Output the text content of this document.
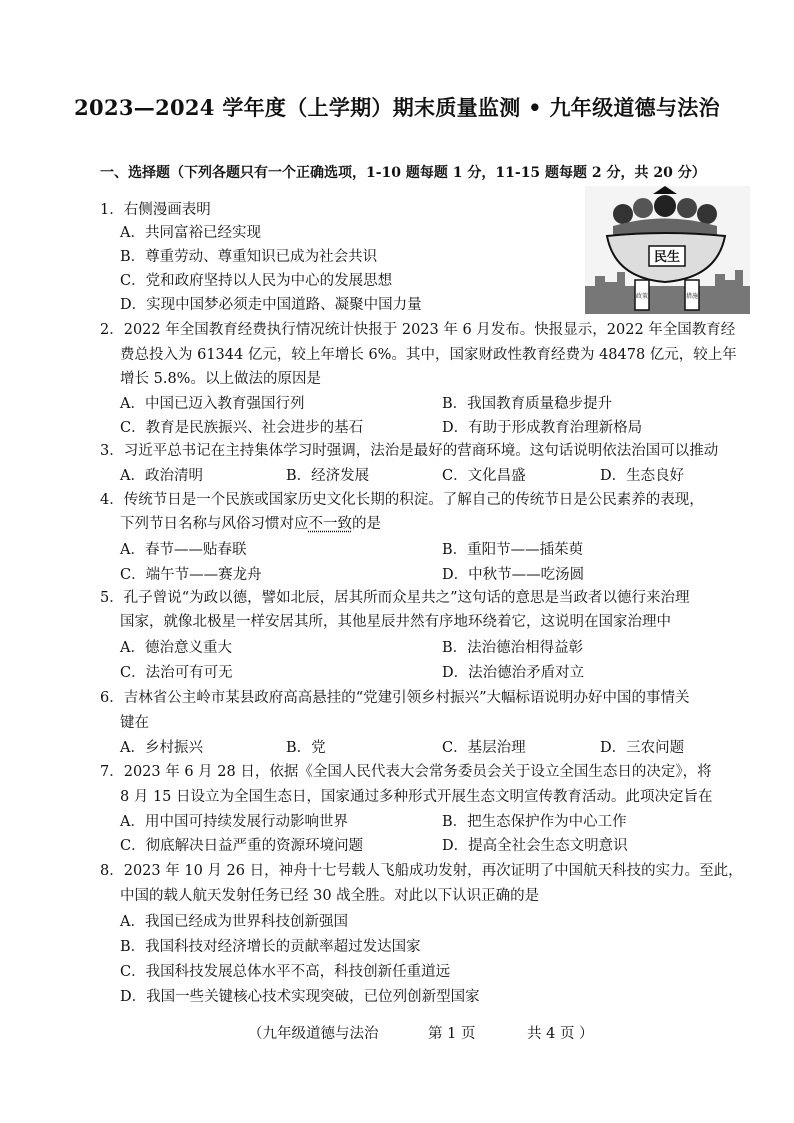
2023—2024 学年度（上学期）期末质量监测 • 九年级道德与法治
一、选择题（下列各题只有一个正确选项，1-10 题每题 1 分，11-15 题每题 2 分，共 20 分）
民生
政策	措施
1．右侧漫画表明
A．共同富裕已经实现
B．尊重劳动、尊重知识已成为社会共识
C．党和政府坚持以人民为中心的发展思想
D．实现中国梦必须走中国道路、凝聚中国力量
2．2022 年全国教育经费执行情况统计快报于 2023 年 6 月发布。快报显示，2022 年全国教育经
费总投入为 61344 亿元，较上年增长 6%。其中，国家财政性教育经费为 48478 亿元，较上年
增长 5.8%。以上做法的原因是
A．中国已迈入教育强国行列	B．我国教育质量稳步提升
C．教育是民族振兴、社会进步的基石	D．有助于形成教育治理新格局
3．习近平总书记在主持集体学习时强调，法治是最好的营商环境。这句话说明依法治国可以推动
A．政治清明	B．经济发展	C．文化昌盛	D．生态良好
4．传统节日是一个民族或国家历史文化长期的积淀。了解自己的传统节日是公民素养的表现，
下列节日名称与风俗习惯对应不一致的是
A．春节——贴春联	B．重阳节——插茱萸
C．端午节——赛龙舟	D．中秋节——吃汤圆
5．孔子曾说“为政以德，譬如北辰，居其所而众星共之”这句话的意思是当政者以德行来治理
国家，就像北极星一样安居其所，其他星辰井然有序地环绕着它，这说明在国家治理中
A．德治意义重大	B．法治德治相得益彰
C．法治可有可无	D．法治德治矛盾对立
6．吉林省公主岭市某县政府高高悬挂的“党建引领乡村振兴”大幅标语说明办好中国的事情关
键在
A．乡村振兴	B．党	C．基层治理	D．三农问题
7．2023 年 6 月 28 日，依据《全国人民代表大会常务委员会关于设立全国生态日的决定》，将
8 月 15 日设立为全国生态日，国家通过多种形式开展生态文明宣传教育活动。此项决定旨在
A．用中国可持续发展行动影响世界	B．把生态保护作为中心工作
C．彻底解决日益严重的资源环境问题	D．提高全社会生态文明意识
8．2023 年 10 月 26 日，神舟十七号载人飞船成功发射，再次证明了中国航天科技的实力。至此，
中国的载人航天发射任务已经 30 战全胜。对此以下认识正确的是
A．我国已经成为世界科技创新强国
B．我国科技对经济增长的贡献率超过发达国家
C．我国科技发展总体水平不高，科技创新任重道远
D．我国一些关键核心技术实现突破，已位列创新型国家
（九年级道德与法治	第 1 页	共 4 页 ）
